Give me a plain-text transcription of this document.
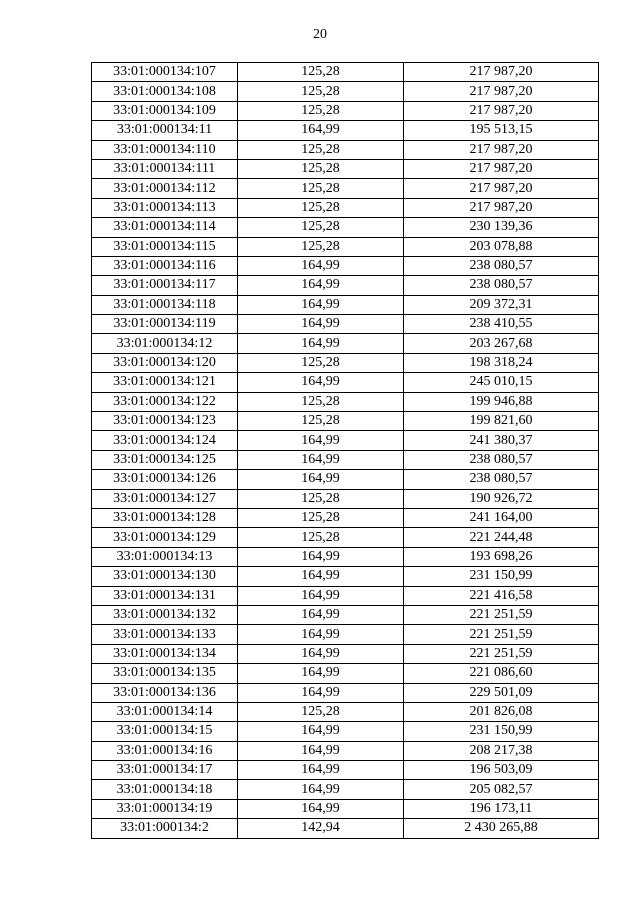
20
33:01:000134:107	125,28	217 987,20
33:01:000134:108	125,28	217 987,20
33:01:000134:109	125,28	217 987,20
33:01:000134:11	164,99	195 513,15
33:01:000134:110	125,28	217 987,20
33:01:000134:111	125,28	217 987,20
33:01:000134:112	125,28	217 987,20
33:01:000134:113	125,28	217 987,20
33:01:000134:114	125,28	230 139,36
33:01:000134:115	125,28	203 078,88
33:01:000134:116	164,99	238 080,57
33:01:000134:117	164,99	238 080,57
33:01:000134:118	164,99	209 372,31
33:01:000134:119	164,99	238 410,55
33:01:000134:12	164,99	203 267,68
33:01:000134:120	125,28	198 318,24
33:01:000134:121	164,99	245 010,15
33:01:000134:122	125,28	199 946,88
33:01:000134:123	125,28	199 821,60
33:01:000134:124	164,99	241 380,37
33:01:000134:125	164,99	238 080,57
33:01:000134:126	164,99	238 080,57
33:01:000134:127	125,28	190 926,72
33:01:000134:128	125,28	241 164,00
33:01:000134:129	125,28	221 244,48
33:01:000134:13	164,99	193 698,26
33:01:000134:130	164,99	231 150,99
33:01:000134:131	164,99	221 416,58
33:01:000134:132	164,99	221 251,59
33:01:000134:133	164,99	221 251,59
33:01:000134:134	164,99	221 251,59
33:01:000134:135	164,99	221 086,60
33:01:000134:136	164,99	229 501,09
33:01:000134:14	125,28	201 826,08
33:01:000134:15	164,99	231 150,99
33:01:000134:16	164,99	208 217,38
33:01:000134:17	164,99	196 503,09
33:01:000134:18	164,99	205 082,57
33:01:000134:19	164,99	196 173,11
33:01:000134:2	142,94	2 430 265,88
